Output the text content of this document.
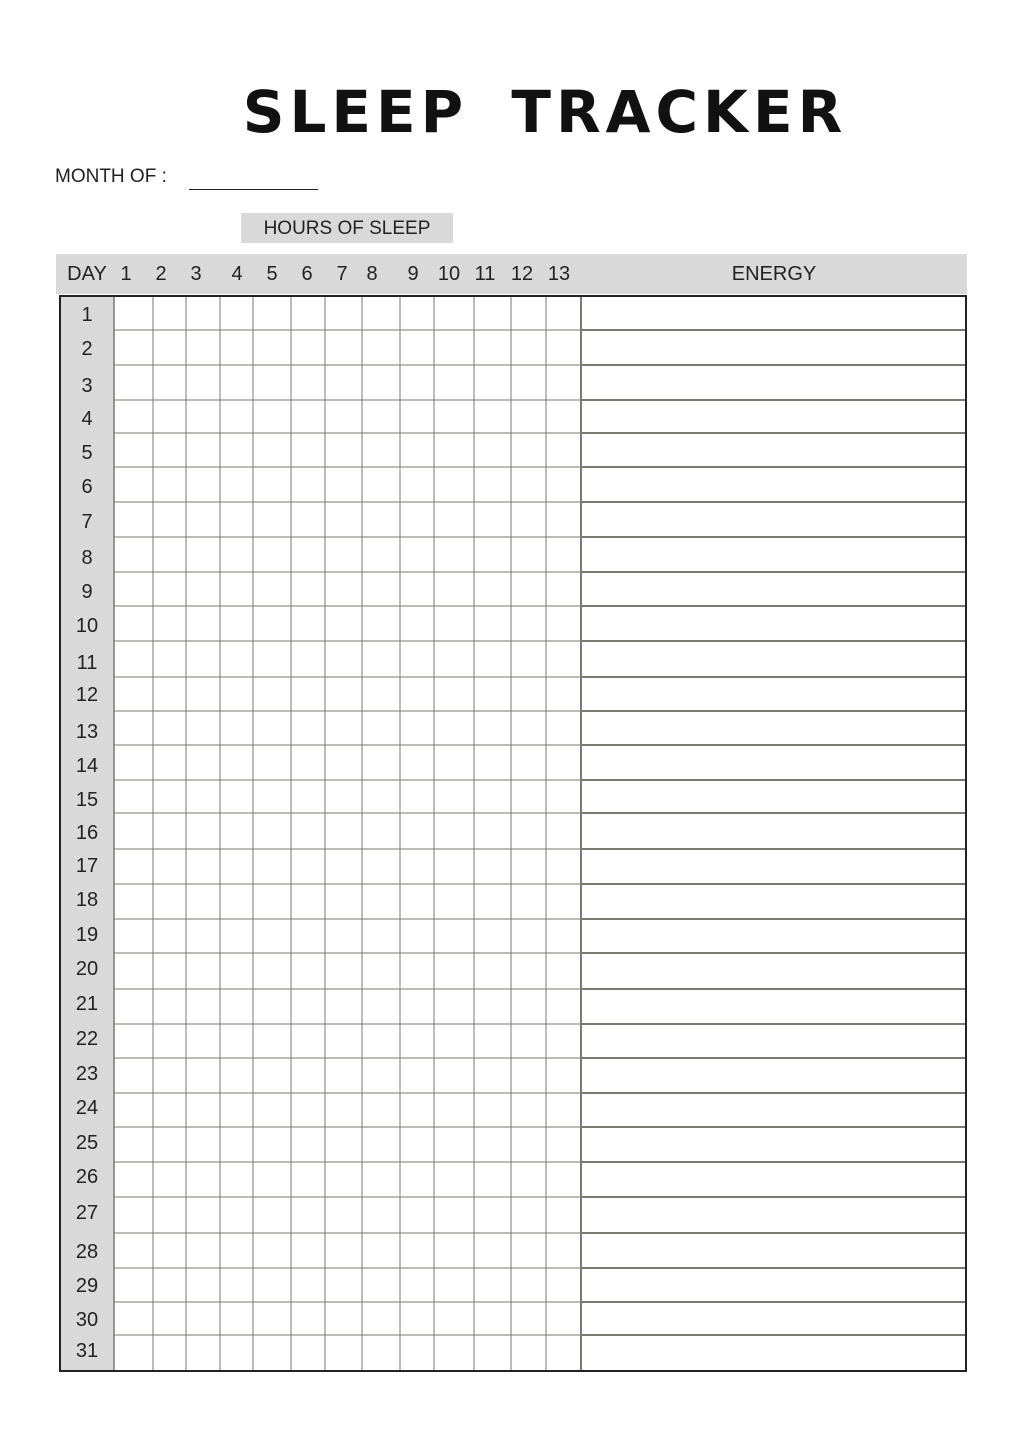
SLEEP TRACKER
MONTH OF :
HOURS OF SLEEP
DAY 1	2	3	4	5	6	7 8	9 10 11 12 13	ENERGY
1
2
3
4
5
6
7
8
9
10
11
12
13
14
15
16
17
18
19
20
21
22
23
24
25
26
27
28
29
30
31
